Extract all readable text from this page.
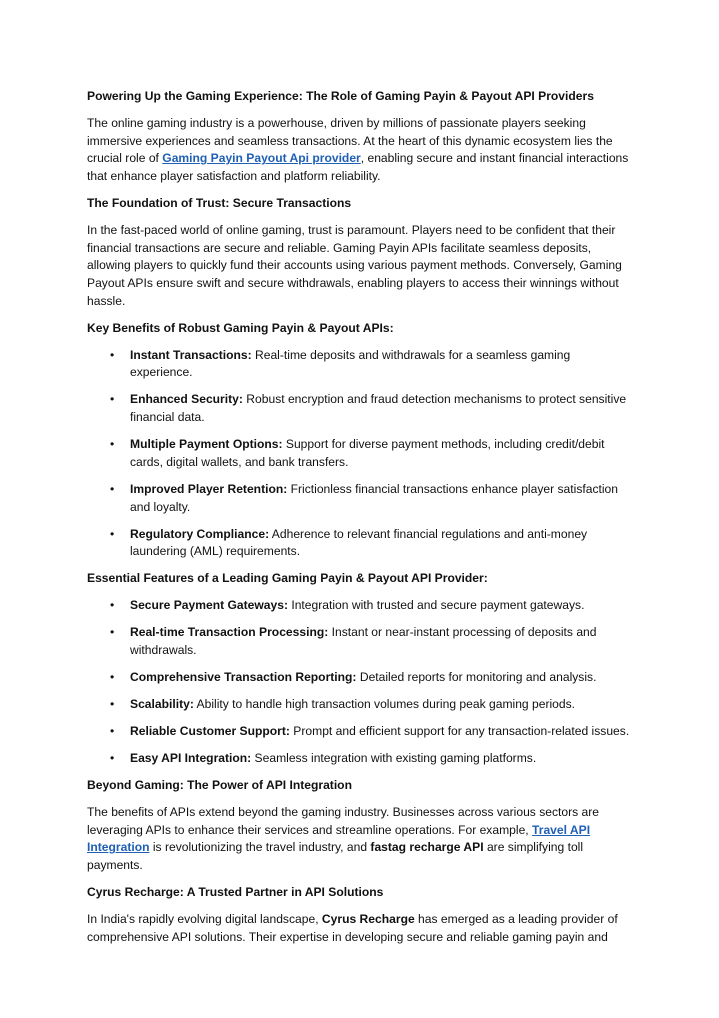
Powering Up the Gaming Experience: The Role of Gaming Payin & Payout API Providers

The online gaming industry is a powerhouse, driven by millions of passionate players seeking immersive experiences and seamless transactions. At the heart of this dynamic ecosystem lies the crucial role of Gaming Payin Payout Api provider, enabling secure and instant financial interactions that enhance player satisfaction and platform reliability.

The Foundation of Trust: Secure Transactions

In the fast-paced world of online gaming, trust is paramount. Players need to be confident that their financial transactions are secure and reliable. Gaming Payin APIs facilitate seamless deposits, allowing players to quickly fund their accounts using various payment methods. Conversely, Gaming Payout APIs ensure swift and secure withdrawals, enabling players to access their winnings without hassle.

Key Benefits of Robust Gaming Payin & Payout APIs:
• Instant Transactions: Real-time deposits and withdrawals for a seamless gaming experience.
• Enhanced Security: Robust encryption and fraud detection mechanisms to protect sensitive financial data.
• Multiple Payment Options: Support for diverse payment methods, including credit/debit cards, digital wallets, and bank transfers.
• Improved Player Retention: Frictionless financial transactions enhance player satisfaction and loyalty.
• Regulatory Compliance: Adherence to relevant financial regulations and anti-money laundering (AML) requirements.
Essential Features of a Leading Gaming Payin & Payout API Provider:
• Secure Payment Gateways: Integration with trusted and secure payment gateways.
• Real-time Transaction Processing: Instant or near-instant processing of deposits and withdrawals.
• Comprehensive Transaction Reporting: Detailed reports for monitoring and analysis.
• Scalability: Ability to handle high transaction volumes during peak gaming periods.
• Reliable Customer Support: Prompt and efficient support for any transaction-related issues.
• Easy API Integration: Seamless integration with existing gaming platforms.
Beyond Gaming: The Power of API Integration

The benefits of APIs extend beyond the gaming industry. Businesses across various sectors are leveraging APIs to enhance their services and streamline operations. For example, Travel API Integration is revolutionizing the travel industry, and fastag recharge API are simplifying toll payments.

Cyrus Recharge: A Trusted Partner in API Solutions

In India's rapidly evolving digital landscape, Cyrus Recharge has emerged as a leading provider of comprehensive API solutions. Their expertise in developing secure and reliable gaming payin and
